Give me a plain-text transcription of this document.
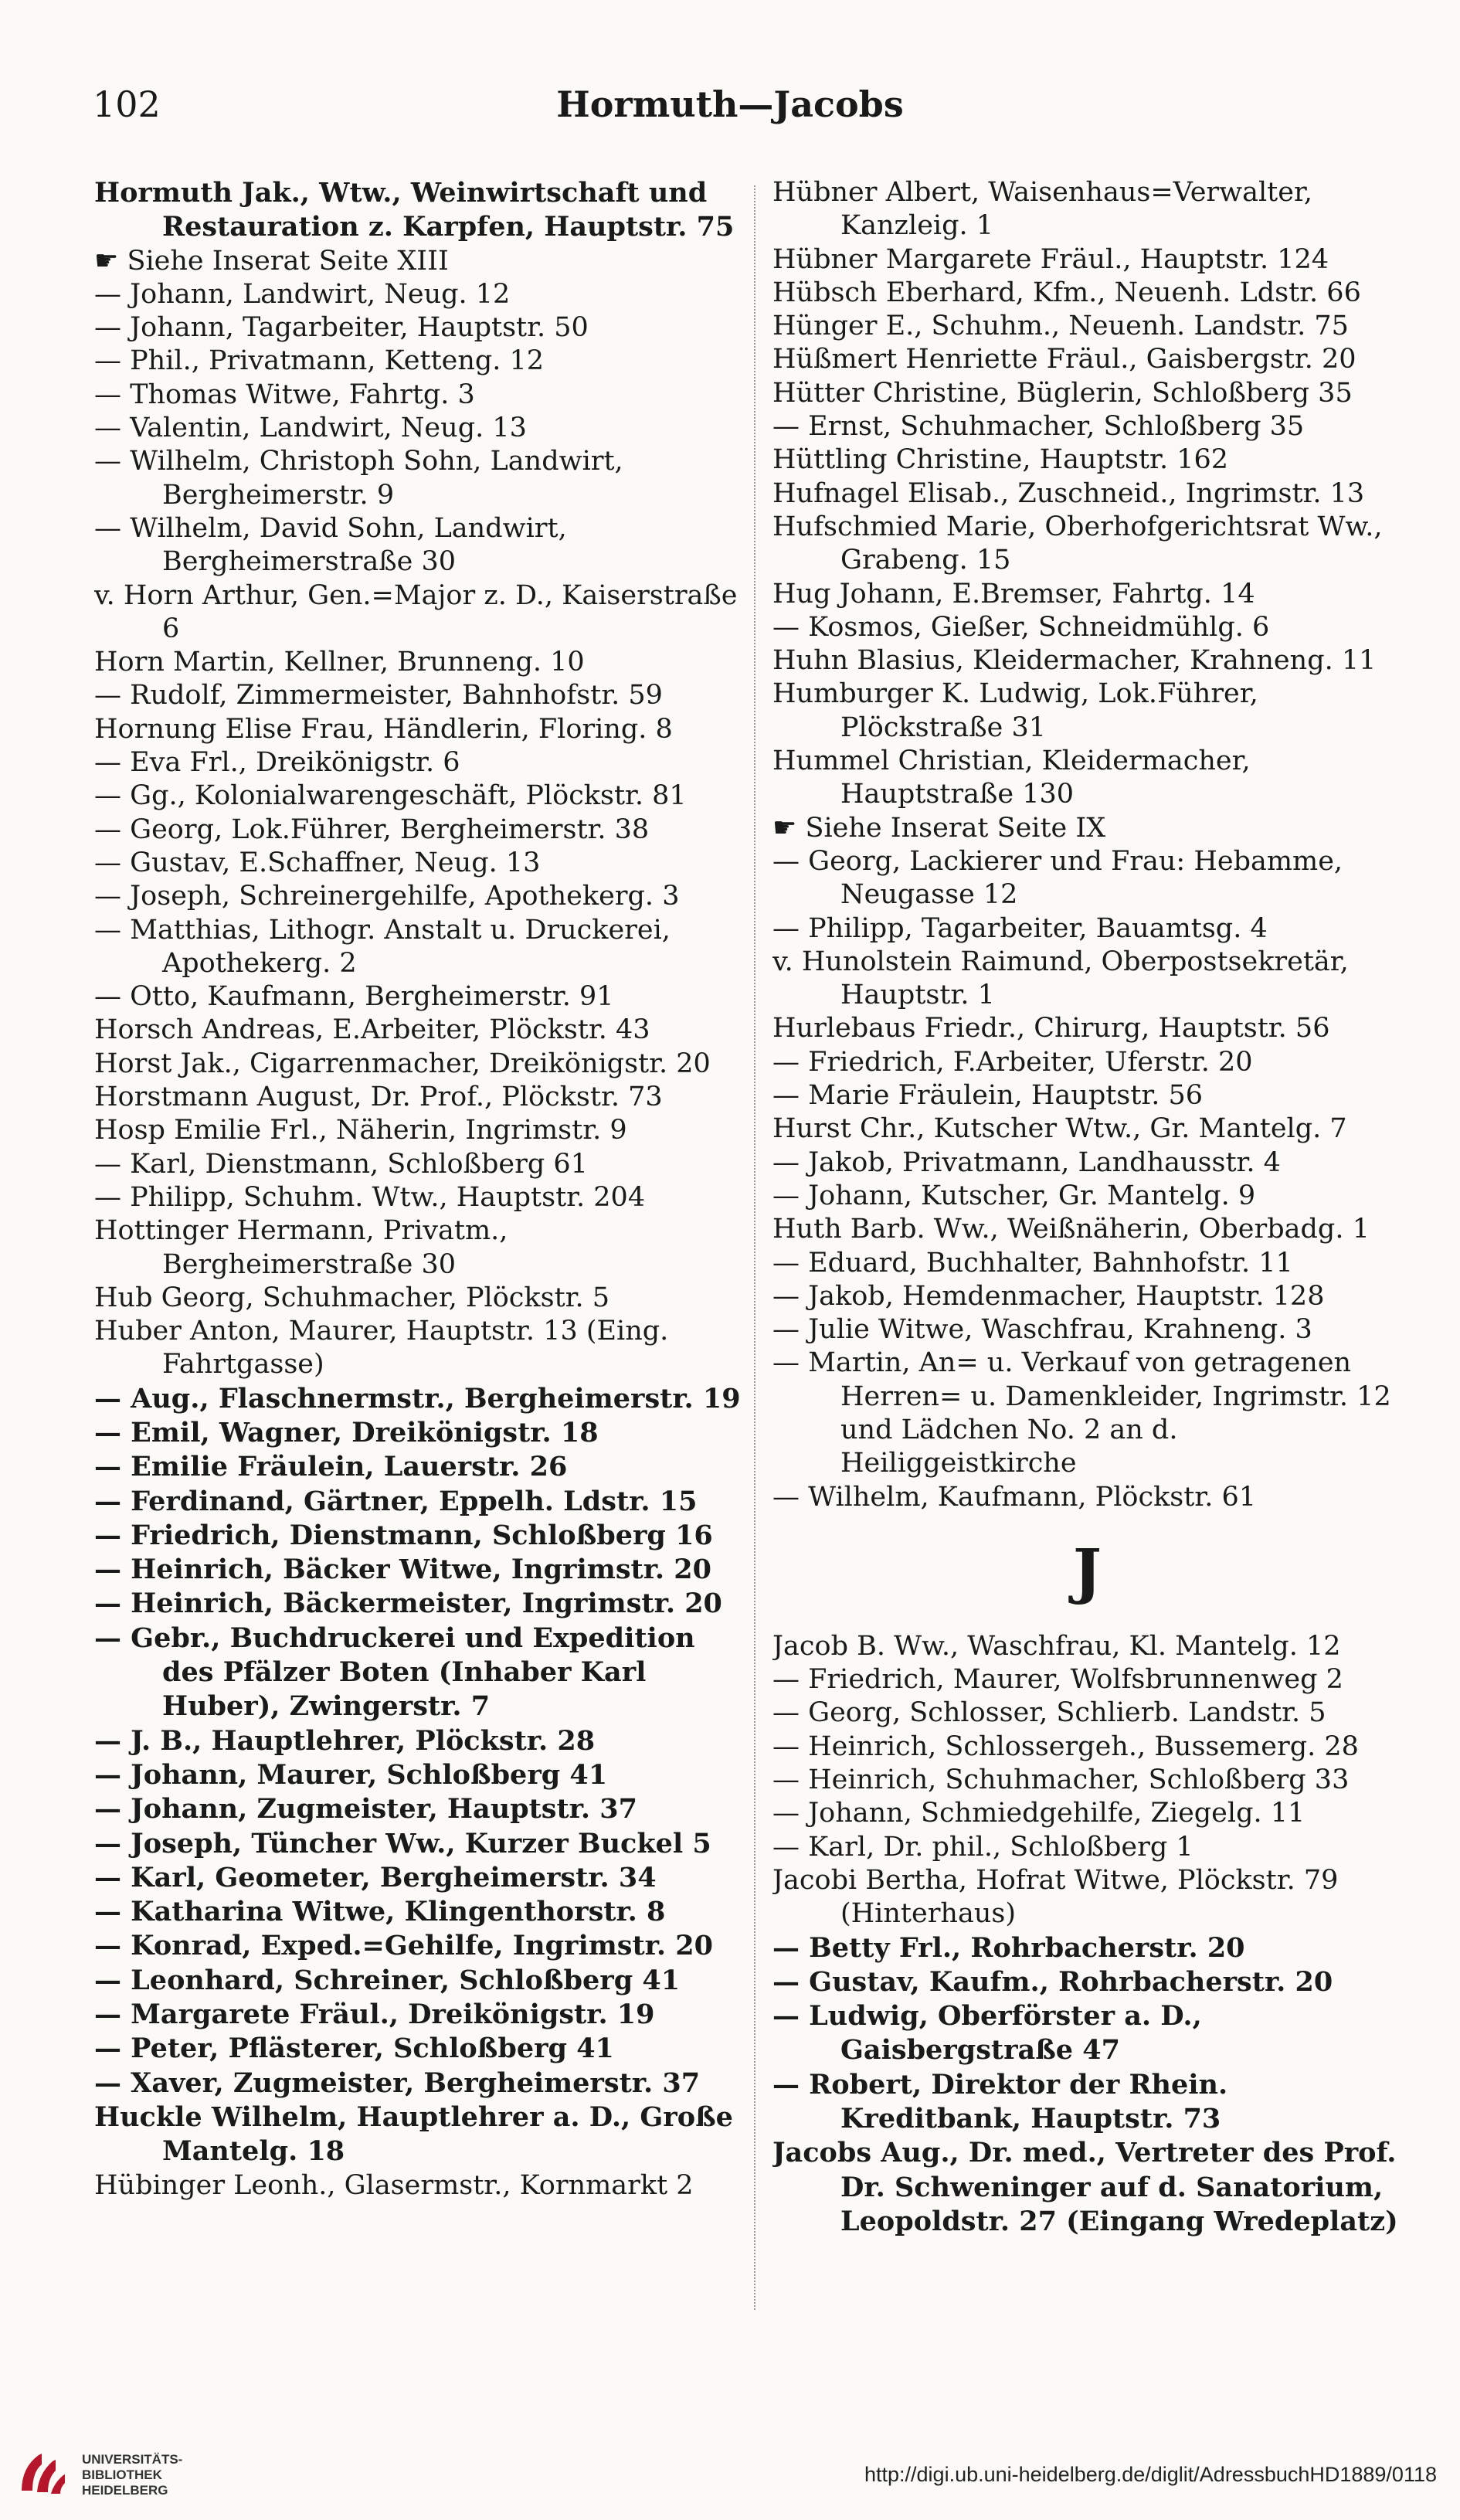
102	Hormuth—Jacobs
Hormuth Jak., Wtw., Weinwirtschaft und Restauration z. Karpfen, Hauptstr. 75
☛ Siehe Inserat Seite XIII
— Johann, Landwirt, Neug. 12
— Johann, Tagarbeiter, Hauptstr. 50
— Phil., Privatmann, Ketteng. 12
— Thomas Witwe, Fahrtg. 3
— Valentin, Landwirt, Neug. 13
— Wilhelm, Christoph Sohn, Landwirt, Bergheimerstr. 9
— Wilhelm, David Sohn, Landwirt, Bergheimerstraße 30
v. Horn Arthur, Gen.=Major z. D., Kaiserstraße 6
Horn Martin, Kellner, Brunneng. 10
— Rudolf, Zimmermeister, Bahnhofstr. 59
Hornung Elise Frau, Händlerin, Floring. 8
— Eva Frl., Dreikönigstr. 6
— Gg., Kolonialwarengeschäft, Plöckstr. 81
— Georg, Lok.Führer, Bergheimerstr. 38
— Gustav, E.Schaffner, Neug. 13
— Joseph, Schreinergehilfe, Apothekerg. 3
— Matthias, Lithogr. Anstalt u. Druckerei, Apothekerg. 2
— Otto, Kaufmann, Bergheimerstr. 91
Horsch Andreas, E.Arbeiter, Plöckstr. 43
Horst Jak., Cigarrenmacher, Dreikönigstr. 20
Horstmann August, Dr. Prof., Plöckstr. 73
Hosp Emilie Frl., Näherin, Ingrimstr. 9
— Karl, Dienstmann, Schloßberg 61
— Philipp, Schuhm. Wtw., Hauptstr. 204
Hottinger Hermann, Privatm., Bergheimerstraße 30
Hub Georg, Schuhmacher, Plöckstr. 5
Huber Anton, Maurer, Hauptstr. 13 (Eing. Fahrtgasse)
— Aug., Flaschnermstr., Bergheimerstr. 19
— Emil, Wagner, Dreikönigstr. 18
— Emilie Fräulein, Lauerstr. 26
— Ferdinand, Gärtner, Eppelh. Ldstr. 15
— Friedrich, Dienstmann, Schloßberg 16
— Heinrich, Bäcker Witwe, Ingrimstr. 20
— Heinrich, Bäckermeister, Ingrimstr. 20
— Gebr., Buchdruckerei und Expedition des Pfälzer Boten (Inhaber Karl Huber), Zwingerstr. 7
— J. B., Hauptlehrer, Plöckstr. 28
— Johann, Maurer, Schloßberg 41
— Johann, Zugmeister, Hauptstr. 37
— Joseph, Tüncher Ww., Kurzer Buckel 5
— Karl, Geometer, Bergheimerstr. 34
— Katharina Witwe, Klingenthorstr. 8
— Konrad, Exped.=Gehilfe, Ingrimstr. 20
— Leonhard, Schreiner, Schloßberg 41
— Margarete Fräul., Dreikönigstr. 19
— Peter, Pflästerer, Schloßberg 41
— Xaver, Zugmeister, Bergheimerstr. 37
Huckle Wilhelm, Hauptlehrer a. D., Große Mantelg. 18
Hübinger Leonh., Glasermstr., Kornmarkt 2
Hübner Albert, Waisenhaus=Verwalter, Kanzleig. 1
Hübner Margarete Fräul., Hauptstr. 124
Hübsch Eberhard, Kfm., Neuenh. Ldstr. 66
Hünger E., Schuhm., Neuenh. Landstr. 75
Hüßmert Henriette Fräul., Gaisbergstr. 20
Hütter Christine, Büglerin, Schloßberg 35
— Ernst, Schuhmacher, Schloßberg 35
Hüttling Christine, Hauptstr. 162
Hufnagel Elisab., Zuschneid., Ingrimstr. 13
Hufschmied Marie, Oberhofgerichtsrat Ww., Grabeng. 15
Hug Johann, E.Bremser, Fahrtg. 14
— Kosmos, Gießer, Schneidmühlg. 6
Huhn Blasius, Kleidermacher, Krahneng. 11
Humburger K. Ludwig, Lok.Führer, Plöckstraße 31
Hummel Christian, Kleidermacher, Hauptstraße 130
☛ Siehe Inserat Seite IX
— Georg, Lackierer und Frau: Hebamme, Neugasse 12
— Philipp, Tagarbeiter, Bauamtsg. 4
v. Hunolstein Raimund, Oberpostsekretär, Hauptstr. 1
Hurlebaus Friedr., Chirurg, Hauptstr. 56
— Friedrich, F.Arbeiter, Uferstr. 20
— Marie Fräulein, Hauptstr. 56
Hurst Chr., Kutscher Wtw., Gr. Mantelg. 7
— Jakob, Privatmann, Landhausstr. 4
— Johann, Kutscher, Gr. Mantelg. 9
Huth Barb. Ww., Weißnäherin, Oberbadg. 1
— Eduard, Buchhalter, Bahnhofstr. 11
— Jakob, Hemdenmacher, Hauptstr. 128
— Julie Witwe, Waschfrau, Krahneng. 3
— Martin, An= u. Verkauf von getragenen Herren= u. Damenkleider, Ingrimstr. 12 und Lädchen No. 2 an d. Heiliggeistkirche
— Wilhelm, Kaufmann, Plöckstr. 61
J
Jacob B. Ww., Waschfrau, Kl. Mantelg. 12
— Friedrich, Maurer, Wolfsbrunnenweg 2
— Georg, Schlosser, Schlierb. Landstr. 5
— Heinrich, Schlossergeh., Bussemerg. 28
— Heinrich, Schuhmacher, Schloßberg 33
— Johann, Schmiedgehilfe, Ziegelg. 11
— Karl, Dr. phil., Schloßberg 1
Jacobi Bertha, Hofrat Witwe, Plöckstr. 79 (Hinterhaus)
— Betty Frl., Rohrbacherstr. 20
— Gustav, Kaufm., Rohrbacherstr. 20
— Ludwig, Oberförster a. D., Gaisbergstraße 47
— Robert, Direktor der Rhein. Kreditbank, Hauptstr. 73
Jacobs Aug., Dr. med., Vertreter des Prof. Dr. Schweninger auf d. Sanatorium, Leopoldstr. 27 (Eingang Wredeplatz)
UNIVERSITÄTS-
BIBLIOTHEK
HEIDELBERG
http://digi.ub.uni-heidelberg.de/diglit/AdressbuchHD1889/0118
